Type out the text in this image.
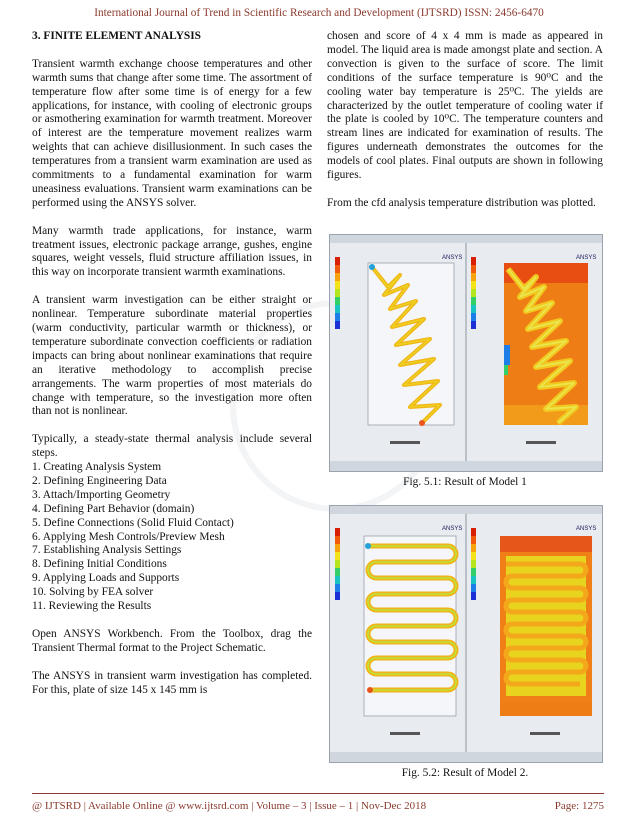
International Journal of Trend in Scientific Research and Development (IJTSRD) ISSN: 2456-6470

3. FINITE ELEMENT ANALYSIS

Transient warmth exchange choose temperatures and other warmth sums that change after some time. The assortment of temperature flow after some time is of energy for a few applications, for instance, with cooling of electronic groups or asmothering examination for warmth treatment. Moreover of interest are the temperature movement realizes warm weights that can achieve disillusionment. In such cases the temperatures from a transient warm examination are used as commitments to a fundamental examination for warm uneasiness evaluations. Transient warm examinations can be performed using the ANSYS solver.

Many warmth trade applications, for instance, warm treatment issues, electronic package arrange, gushes, engine squares, weight vessels, fluid structure affiliation issues, in this way on incorporate transient warmth examinations.

A transient warm investigation can be either straight or nonlinear. Temperature subordinate material properties (warm conductivity, particular warmth or thickness), or temperature subordinate convection coefficients or radiation impacts can bring about nonlinear examinations that require an iterative methodology to accomplish precise arrangements. The warm properties of most materials do change with temperature, so the investigation more often than not is nonlinear.

Typically, a steady-state thermal analysis include several steps.

1. Creating Analysis System
2. Defining Engineering Data
3. Attach/Importing Geometry
4. Defining Part Behavior (domain)
5. Define Connections (Solid Fluid Contact)
6. Applying Mesh Controls/Preview Mesh
7. Establishing Analysis Settings
8. Defining Initial Conditions
9. Applying Loads and Supports
10. Solving by FEA solver
11. Reviewing the Results

Open ANSYS Workbench. From the Toolbox, drag the Transient Thermal format to the Project Schematic.

The ANSYS in transient warm investigation has completed. For this, plate of size 145 x 145 mm is

chosen and score of 4 x 4 mm is made as appeared in model. The liquid area is made amongst plate and section. A convection is given to the surface of score. The limit conditions of the surface temperature is 90⁰C and the cooling water bay temperature is 25⁰C. The yields are characterized by the outlet temperature of cooling water if the plate is cooled by 10⁰C. The temperature counters and stream lines are indicated for examination of results. The figures underneath demonstrates the outcomes for the models of cool plates. Final outputs are shown in following figures.

From the cfd analysis temperature distribution was plotted.

ANSYS	ANSYS
Fig. 5.1: Result of Model 1
ANSYS	ANSYS
Fig. 5.2: Result of Model 2.
@ IJTSRD | Available Online @ www.ijtsrd.com | Volume – 3 | Issue – 1 | Nov-Dec 2018	Page: 1275
